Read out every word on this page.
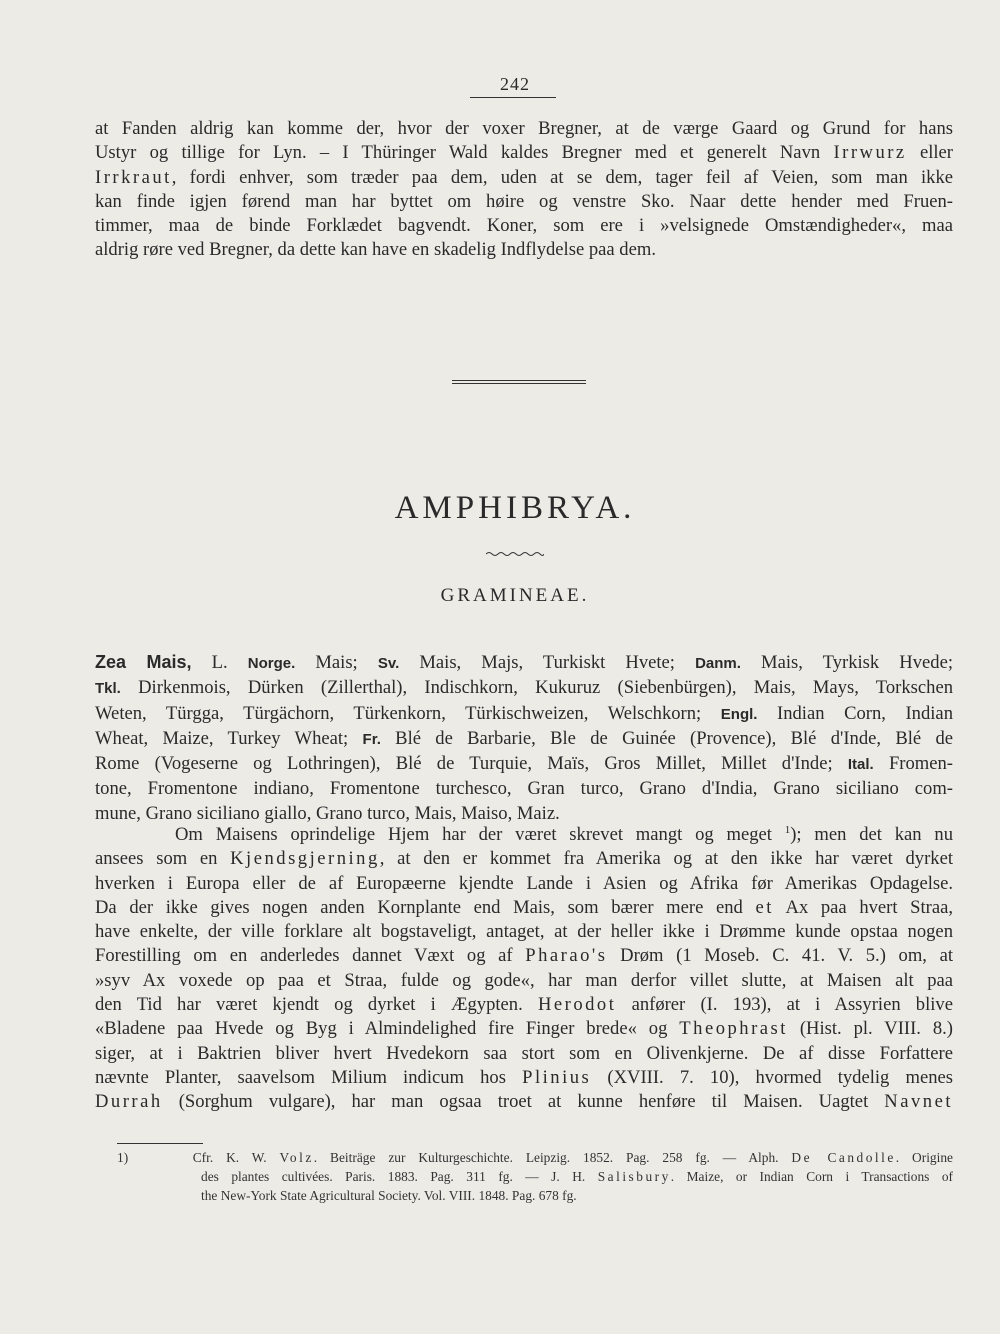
242
at Fanden aldrig kan komme der, hvor der voxer Bregner, at de værge Gaard og Grund for hans
Ustyr og tillige for Lyn. – I Thüringer Wald kaldes Bregner med et generelt Navn Irrwurz eller
Irrkraut, fordi enhver, som træder paa dem, uden at se dem, tager feil af Veien, som man ikke
kan finde igjen førend man har byttet om høire og venstre Sko. Naar dette hender med Fruen-
timmer, maa de binde Forklædet bagvendt. Koner, som ere i »velsignede Omstændigheder«, maa
aldrig røre ved Bregner, da dette kan have en skadelig Indflydelse paa dem.
AMPHIBRYA.
GRAMINEAE.
Zea Mais, L. Norge. Mais; Sv. Mais, Majs, Turkiskt Hvete; Danm. Mais, Tyrkisk Hvede;
Tkl. Dirkenmois, Dürken (Zillerthal), Indischkorn, Kukuruz (Siebenbürgen), Mais, Mays, Torkschen
Weten, Türgga, Türgächorn, Türkenkorn, Türkischweizen, Welschkorn; Engl. Indian Corn, Indian
Wheat, Maize, Turkey Wheat; Fr. Blé de Barbarie, Ble de Guinée (Provence), Blé d'Inde, Blé de
Rome (Vogeserne og Lothringen), Blé de Turquie, Maïs, Gros Millet, Millet d'Inde; Ital. Fromen-
tone, Fromentone indiano, Fromentone turchesco, Gran turco, Grano d'India, Grano siciliano com-
mune, Grano siciliano giallo, Grano turco, Mais, Maiso, Maiz.
Om Maisens oprindelige Hjem har der været skrevet mangt og meget $^1$); men det kan nu
ansees som en Kjendsgjerning, at den er kommet fra Amerika og at den ikke har været dyrket
hverken i Europa eller de af Europæerne kjendte Lande i Asien og Afrika før Amerikas Opdagelse.
Da der ikke gives nogen anden Kornplante end Mais, som bærer mere end et Ax paa hvert Straa,
have enkelte, der ville forklare alt bogstaveligt, antaget, at der heller ikke i Drømme kunde opstaa nogen
Forestilling om en anderledes dannet Væxt og af Pharao's Drøm (1 Moseb. C. 41. V. 5.) om, at
»syv Ax voxede op paa et Straa, fulde og gode«, har man derfor villet slutte, at Maisen alt paa
den Tid har været kjendt og dyrket i Ægypten. Herodot anfører (I. 193), at i Assyrien blive
«Bladene paa Hvede og Byg i Almindelighed fire Finger brede« og Theophrast (Hist. pl. VIII. 8.)
siger, at i Baktrien bliver hvert Hvedekorn saa stort som en Olivenkjerne. De af disse Forfattere
nævnte Planter, saavelsom Milium indicum hos Plinius (XVIII. 7. 10), hvormed tydelig menes
Durrah (Sorghum vulgare), har man ogsaa troet at kunne henføre til Maisen. Uagtet Navnet
1)	Cfr. K. W. Volz. Beiträge zur Kulturgeschichte. Leipzig. 1852. Pag. 258 fg. — Alph. De Candolle. Origine
des plantes cultivées. Paris. 1883. Pag. 311 fg. — J. H. Salisbury. Maize, or Indian Corn i Transactions of
the New-York State Agricultural Society. Vol. VIII. 1848. Pag. 678 fg.
